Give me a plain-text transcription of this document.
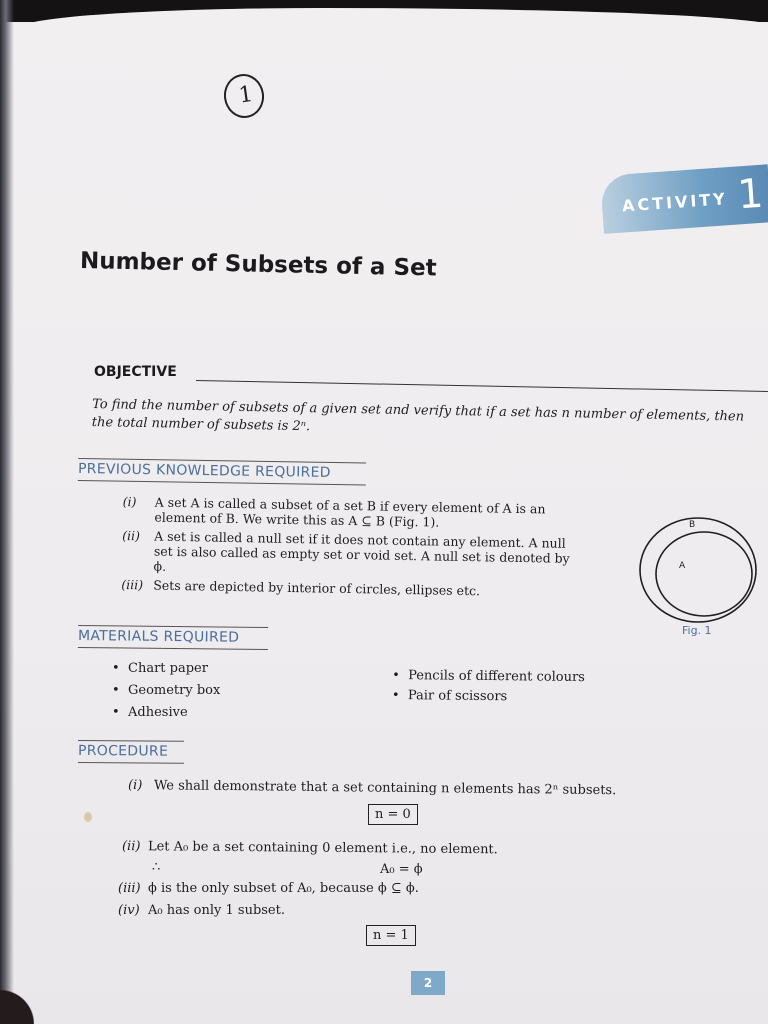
1
ACTIVITY 1
Number of Subsets of a Set
OBJECTIVE

To find the number of subsets of a given set and verify that if a set has n number of elements, then the total number of subsets is 2ⁿ.

PREVIOUS KNOWLEDGE REQUIRED
(i)	A set A is called a subset of a set B if every element of A is an element of B. We write this as A ⊆ B (Fig. 1).
(ii)	A set is called a null set if it does not contain any element. A null set is also called as empty set or void set. A null set is denoted by ϕ.
(iii) Sets are depicted by interior of circles, ellipses etc.
B
A
Fig. 1
MATERIALS REQUIRED
• Chart paper
• Geometry box
• Adhesive
• Pencils of different colours
• Pair of scissors
PROCEDURE
(i) We shall demonstrate that a set containing n elements has 2ⁿ subsets.
n = 0
(ii) Let A₀ be a set containing 0 element i.e., no element.
∴	A₀ = ϕ
(iii) ϕ is the only subset of A₀, because ϕ ⊆ ϕ.
(iv) A₀ has only 1 subset.
n = 1
2
